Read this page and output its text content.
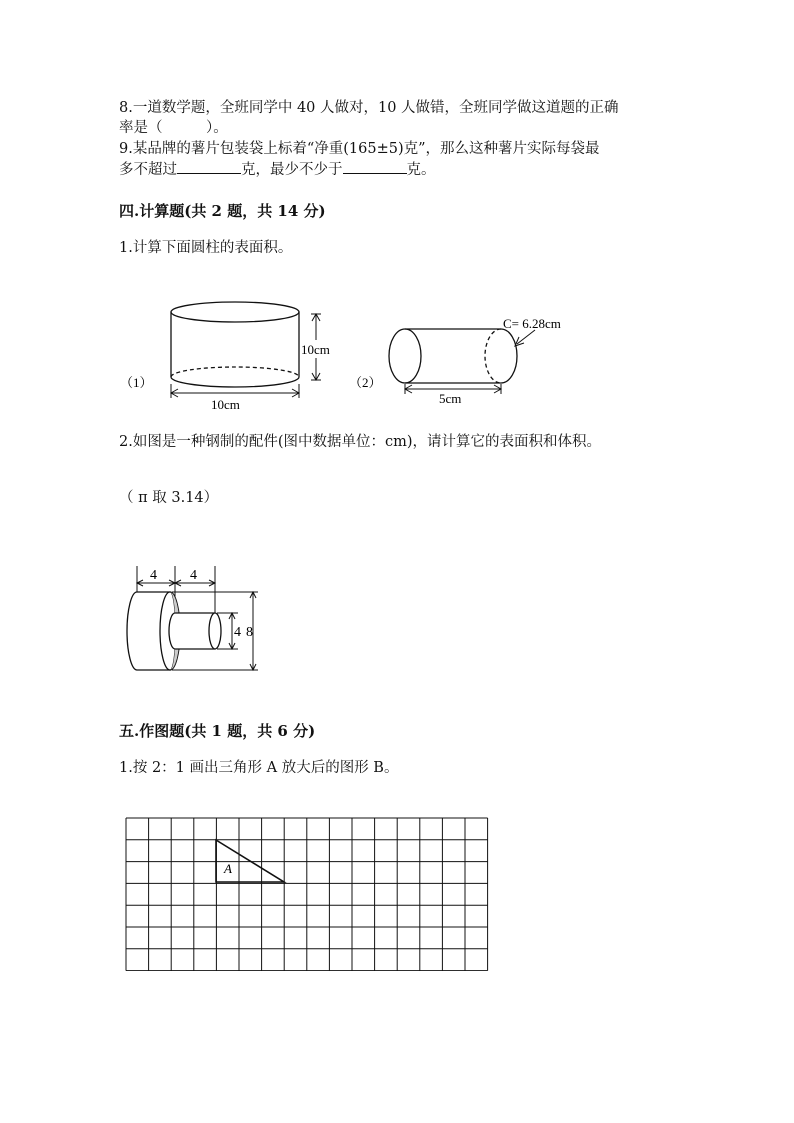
8.一道数学题，全班同学中 40 人做对，10 人做错，全班同学做这道题的正确
率是（　　　）。
9.某品牌的薯片包装袋上标着“净重(165±5)克”，那么这种薯片实际每袋最
多不超过	克，最少不少于	克。
四.计算题(共 2 题，共 14 分)
1.计算下面圆柱的表面积。
（1）
10cm
10cm
（2）
C= 6.28cm
5cm
2.如图是一种钢制的配件(图中数据单位：cm)，请计算它的表面积和体积。
（ π 取 3.14）
4 4
4 8
五.作图题(共 1 题，共 6 分)
1.按 2：1 画出三角形 A 放大后的图形 B。
A
